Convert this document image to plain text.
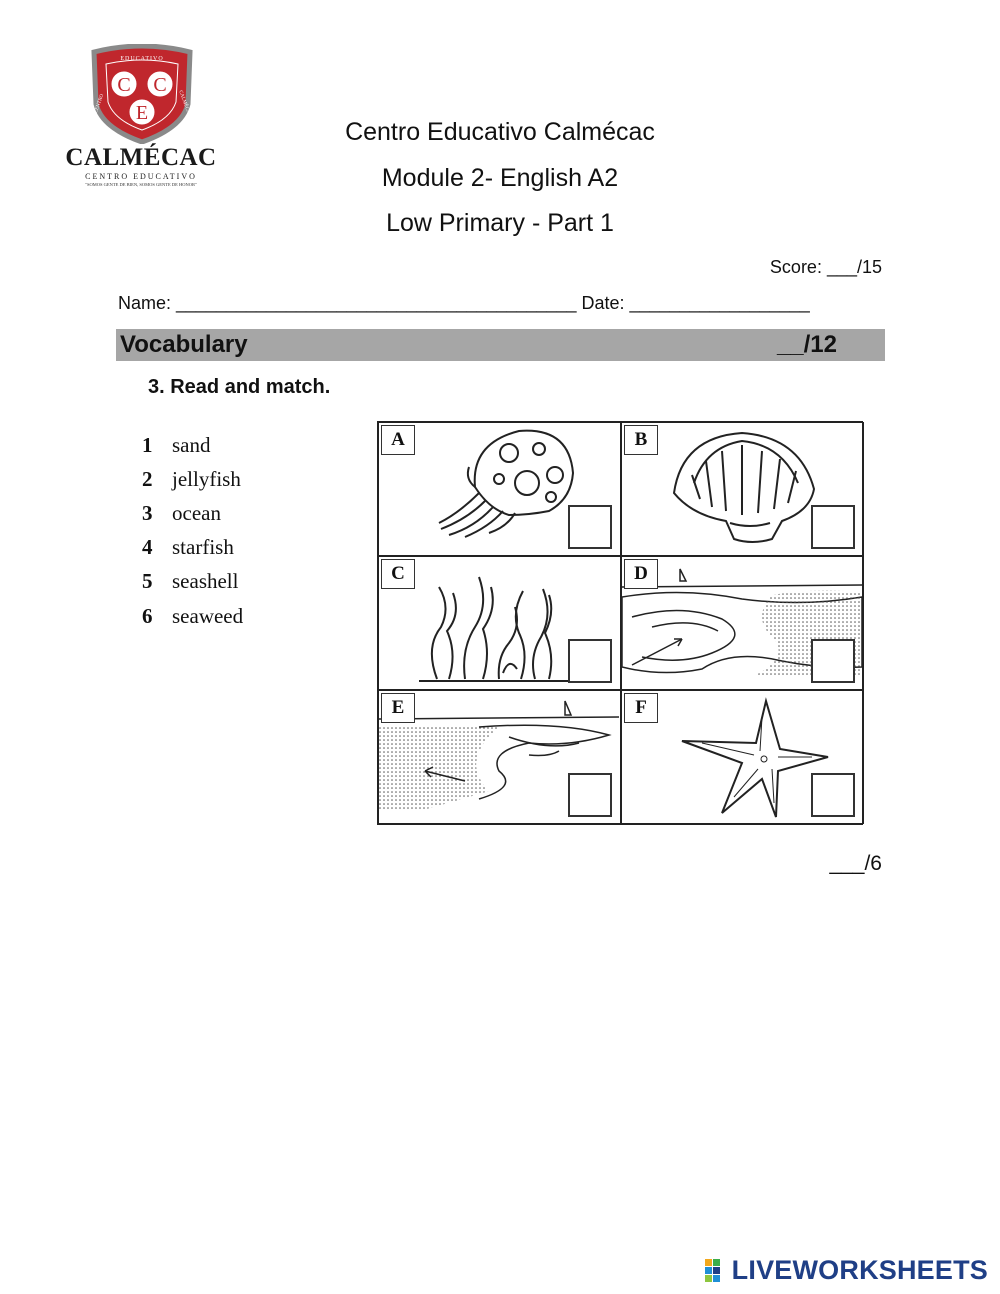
C C
E
EDUCATIVO
CENTRO	CALMÉCAC
CALMÉCAC
CENTRO EDUCATIVO
"SOMOS GENTE DE BIEN, SOMOS GENTE DE HONOR"
Centro Educativo Calmécac
Module 2- English A2
Low Primary - Part 1
Score: ___/15
Name: ________________________________________ Date: __________________
Vocabulary	__/12
3. Read and match.
1 sand
2 jellyfish
3 ocean
4 starfish
5 seashell
6 seaweed
A	B
C	D
E	F
___/6
LIVEWORKSHEETS
